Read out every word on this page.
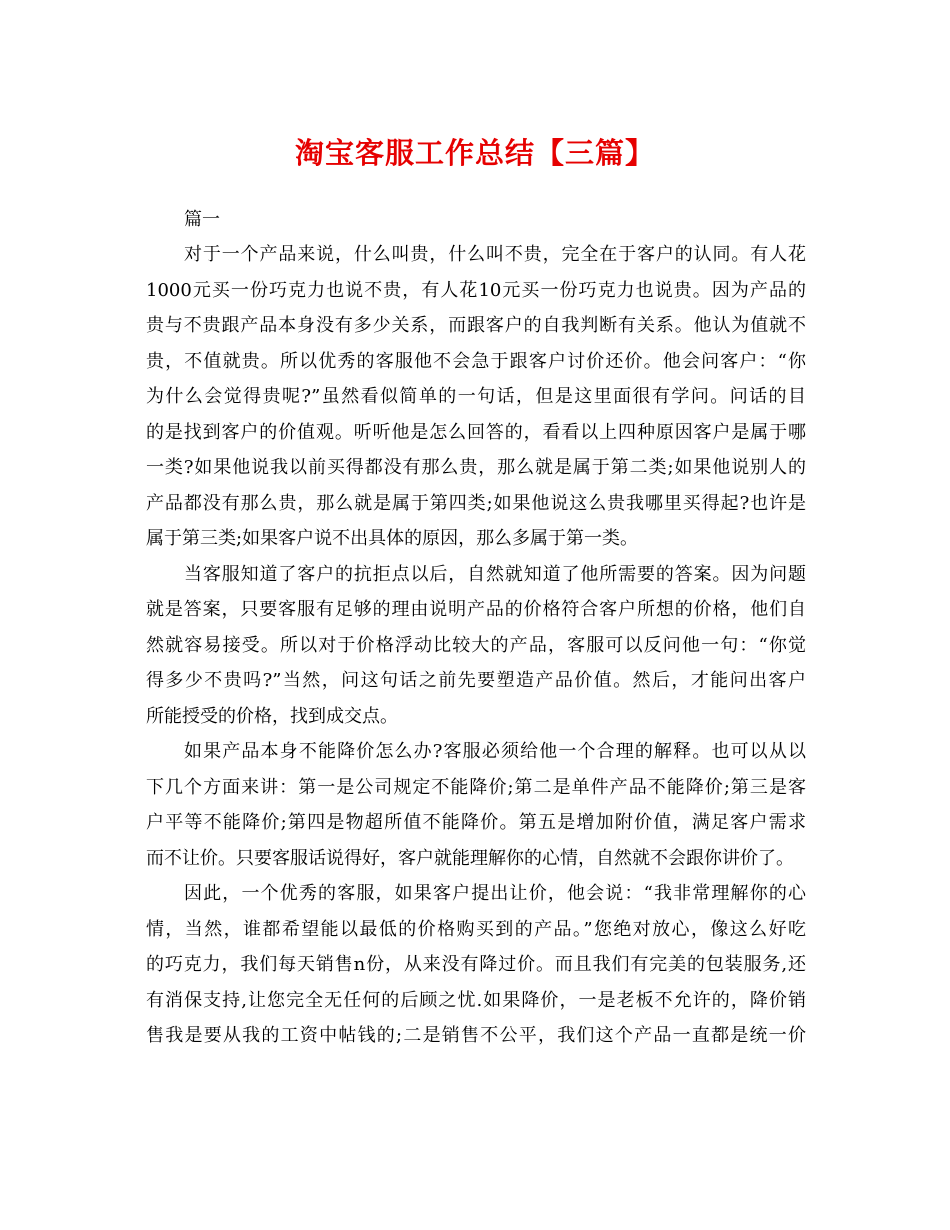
淘宝客服工作总结【三篇】

篇一

对于一个产品来说，什么叫贵，什么叫不贵，完全在于客户的认同。有人花
1000元买一份巧克力也说不贵，有人花10元买一份巧克力也说贵。因为产品的
贵与不贵跟产品本身没有多少关系，而跟客户的自我判断有关系。他认为值就不
贵，不值就贵。所以优秀的客服他不会急于跟客户讨价还价。他会问客户：“你
为什么会觉得贵呢?”虽然看似简单的一句话，但是这里面很有学问。问话的目
的是找到客户的价值观。听听他是怎么回答的，看看以上四种原因客户是属于哪
一类?如果他说我以前买得都没有那么贵，那么就是属于第二类;如果他说别人的
产品都没有那么贵，那么就是属于第四类;如果他说这么贵我哪里买得起?也许是
属于第三类;如果客户说不出具体的原因，那么多属于第一类。
当客服知道了客户的抗拒点以后，自然就知道了他所需要的答案。因为问题
就是答案，只要客服有足够的理由说明产品的价格符合客户所想的价格，他们自
然就容易接受。所以对于价格浮动比较大的产品，客服可以反问他一句：“你觉
得多少不贵吗?”当然，问这句话之前先要塑造产品价值。然后，才能问出客户
所能授受的价格，找到成交点。
如果产品本身不能降价怎么办?客服必须给他一个合理的解释。也可以从以
下几个方面来讲：第一是公司规定不能降价;第二是单件产品不能降价;第三是客
户平等不能降价;第四是物超所值不能降价。第五是增加附价值，满足客户需求
而不让价。只要客服话说得好，客户就能理解你的心情，自然就不会跟你讲价了。
因此，一个优秀的客服，如果客户提出让价，他会说：“我非常理解你的心
情，当然，谁都希望能以最低的价格购买到的产品。”您绝对放心，像这么好吃
的巧克力，我们每天销售n份，从来没有降过价。而且我们有完美的包装服务,还
有消保支持,让您完全无任何的后顾之忧.如果降价，一是老板不允许的，降价销
售我是要从我的工资中帖钱的;二是销售不公平，我们这个产品一直都是统一价
